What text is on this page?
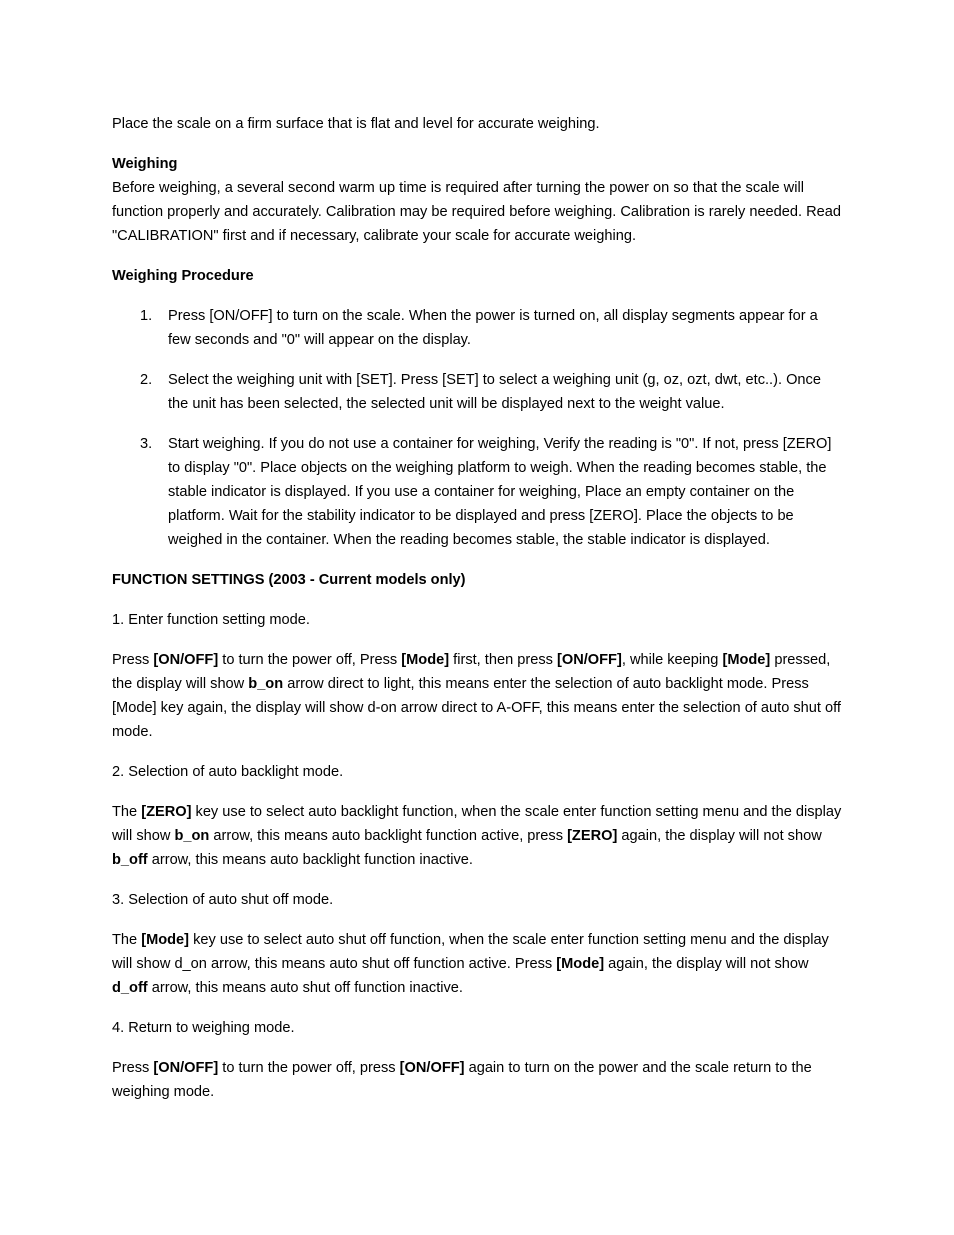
Place the scale on a firm surface that is flat and level for accurate weighing.

Weighing
Before weighing, a several second warm up time is required after turning the power on so that the scale will function properly and accurately. Calibration may be required before weighing. Calibration is rarely needed. Read "CALIBRATION" first and if necessary, calibrate your scale for accurate weighing.

Weighing Procedure

1. Press [ON/OFF] to turn on the scale. When the power is turned on, all display segments appear for a few seconds and "0" will appear on the display.
2. Select the weighing unit with [SET]. Press [SET] to select a weighing unit (g, oz, ozt, dwt, etc..). Once the unit has been selected, the selected unit will be displayed next to the weight value.
3. Start weighing. If you do not use a container for weighing, Verify the reading is "0". If not, press [ZERO] to display "0". Place objects on the weighing platform to weigh. When the reading becomes stable, the stable indicator is displayed. If you use a container for weighing, Place an empty container on the platform. Wait for the stability indicator to be displayed and press [ZERO]. Place the objects to be weighed in the container. When the reading becomes stable, the stable indicator is displayed.

FUNCTION SETTINGS (2003 - Current models only)

1. Enter function setting mode.

Press [ON/OFF] to turn the power off, Press [Mode] first, then press [ON/OFF], while keeping [Mode] pressed, the display will show b_on arrow direct to light, this means enter the selection of auto backlight mode. Press [Mode] key again, the display will show d-on arrow direct to A-OFF, this means enter the selection of auto shut off mode.

2. Selection of auto backlight mode.

The [ZERO] key use to select auto backlight function, when the scale enter function setting menu and the display will show b_on arrow, this means auto backlight function active, press [ZERO] again, the display will not show b_off arrow, this means auto backlight function inactive.

3. Selection of auto shut off mode.

The [Mode] key use to select auto shut off function, when the scale enter function setting menu and the display will show d_on arrow, this means auto shut off function active. Press [Mode] again, the display will not show d_off arrow, this means auto shut off function inactive.

4. Return to weighing mode.

Press [ON/OFF] to turn the power off, press [ON/OFF] again to turn on the power and the scale return to the weighing mode.
